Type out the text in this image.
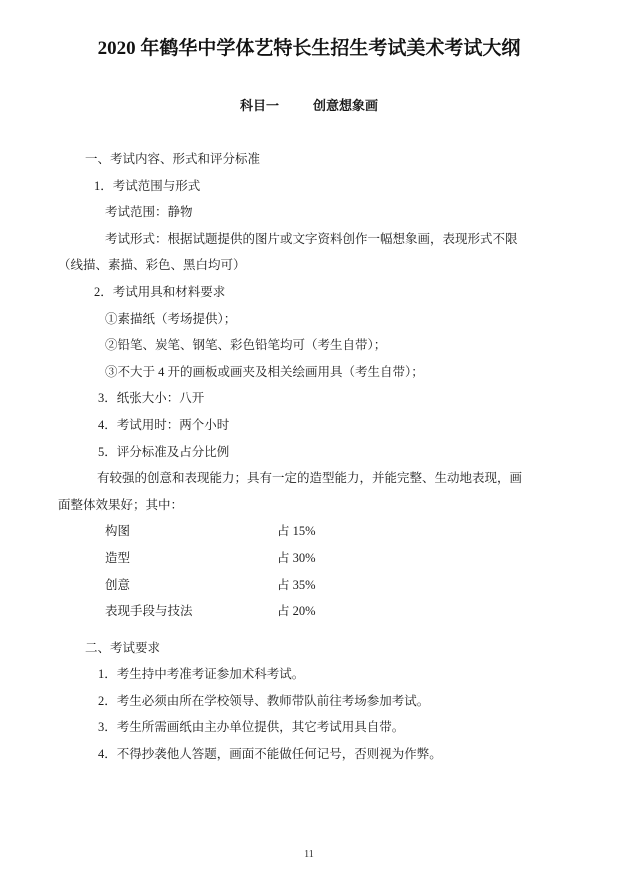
2020 年鹤华中学体艺特长生招生考试美术考试大纲
科目一	创意想象画
一、考试内容、形式和评分标准
1．考试范围与形式
考试范围：静物
考试形式：根据试题提供的图片或文字资料创作一幅想象画，表现形式不限
（线描、素描、彩色、黑白均可）
2．考试用具和材料要求
①素描纸（考场提供）；
②铅笔、炭笔、钢笔、彩色铅笔均可（考生自带）；
③不大于 4 开的画板或画夹及相关绘画用具（考生自带）；
3．纸张大小：八开
4．考试用时：两个小时
5．评分标准及占分比例
有较强的创意和表现能力；具有一定的造型能力，并能完整、生动地表现，画
面整体效果好；其中：
构图	占 15%
造型	占 30%
创意	占 35%
表现手段与技法	占 20%
二、考试要求
1．考生持中考准考证参加术科考试。
2．考生必须由所在学校领导、教师带队前往考场参加考试。
3．考生所需画纸由主办单位提供，其它考试用具自带。
4．不得抄袭他人答题，画面不能做任何记号，否则视为作弊。
11
